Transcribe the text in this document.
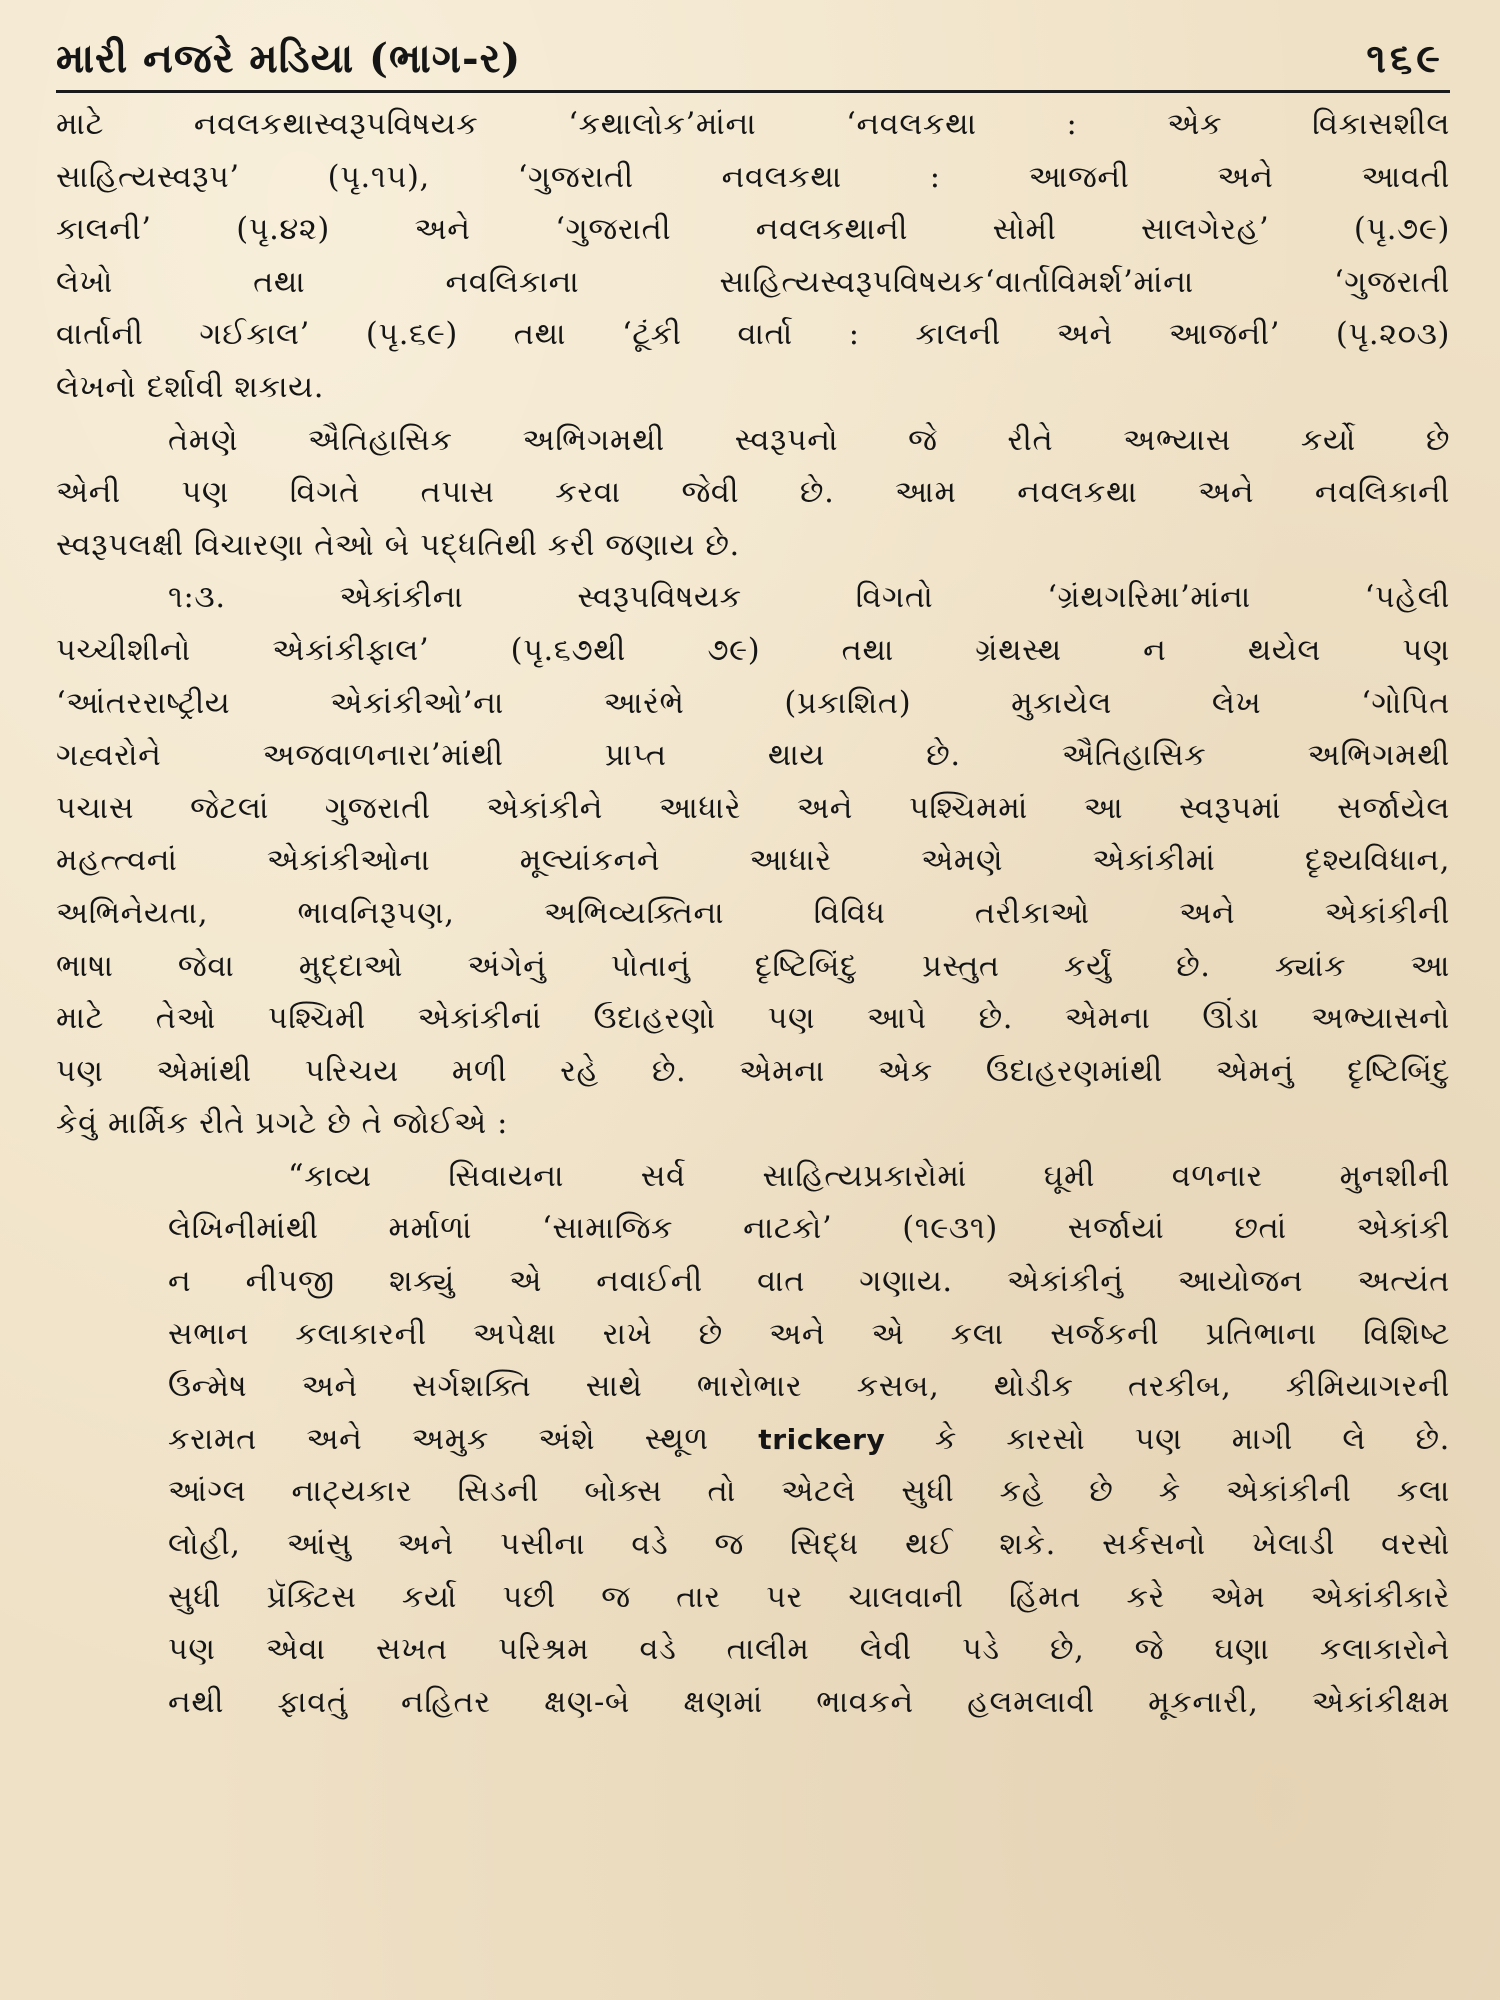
મારી નજરે મડિયા (ભાગ-ર)	૧૬૯
માટે નવલકથાસ્વરૂપવિષયક ‘કથાલોક’માંના ‘નવલકથા : એક વિકાસશીલ
સાહિત્યસ્વરૂપ’ (પૃ.૧૫), ‘ગુજરાતી નવલકથા : આજની અને આવતી
કાલની’ (પૃ.૪૨) અને ‘ગુજરાતી નવલકથાની સોમી સાલગેરહ’ (પૃ.૭૯)
લેખો તથા નવલિકાના સાહિત્યસ્વરૂપવિષયક‘વાર્તાવિમર્શ’માંના ‘ગુજરાતી
વાર્તાની ગઈકાલ’ (પૃ.૬૯) તથા ‘ટૂંકી વાર્તા : કાલની અને આજની’ (પૃ.૨૦૩)
લેખનો દર્શાવી શકાય.
તેમણે ઐતિહાસિક અભિગમથી સ્વરૂપનો જે રીતે અભ્યાસ કર્યો છે
એની પણ વિગતે તપાસ કરવા જેવી છે. આમ નવલકથા અને નવલિકાની
સ્વરૂપલક્ષી વિચારણા તેઓ બે પદ્ધતિથી કરી જણાય છે.
૧:૩. એકાંકીના સ્વરૂપવિષયક વિગતો ‘ગ્રંથગરિમા’માંના ‘પહેલી
પચ્ચીશીનો એકાંકીફાલ’ (પૃ.૬૭થી ૭૯) તથા ગ્રંથસ્થ ન થયેલ પણ
‘આંતરરાષ્ટ્રીય એકાંકીઓ’ના આરંભે (પ્રકાશિત) મુકાયેલ લેખ ‘ગોપિત
ગહ્વરોને અજવાળનારા’માંથી પ્રાપ્ત થાય છે. ઐતિહાસિક અભિગમથી
પચાસ જેટલાં ગુજરાતી એકાંકીને આધારે અને પશ્ચિમમાં આ સ્વરૂપમાં સર્જાયેલ
મહત્ત્વનાં એકાંકીઓના મૂલ્યાંકનને આધારે એમણે એકાંકીમાં દૃશ્યવિધાન,
અભિનેયતા, ભાવનિરૂપણ, અભિવ્યક્તિના વિવિધ તરીકાઓ અને એકાંકીની
ભાષા જેવા મુદ્દાઓ અંગેનું પોતાનું દૃષ્ટિબિંદુ પ્રસ્તુત કર્યું છે. ક્યાંક આ
માટે તેઓ પશ્ચિમી એકાંકીનાં ઉદાહરણો પણ આપે છે. એમના ઊંડા અભ્યાસનો
પણ એમાંથી પરિચય મળી રહે છે. એમના એક ઉદાહરણમાંથી એમનું દૃષ્ટિબિંદુ
કેવું માર્મિક રીતે પ્રગટે છે તે જોઈએ :
“કાવ્ય સિવાયના સર્વ સાહિત્યપ્રકારોમાં ઘૂમી વળનાર મુનશીની
લેખિનીમાંથી મર્માળાં ‘સામાજિક નાટકો’ (૧૯૩૧) સર્જાયાં છતાં એકાંકી
ન નીપજી શક્યું એ નવાઈની વાત ગણાય. એકાંકીનું આયોજન અત્યંત
સભાન કલાકારની અપેક્ષા રાખે છે અને એ કલા સર્જકની પ્રતિભાના વિશિષ્ટ
ઉન્મેષ અને સર્ગશક્તિ સાથે ભારોભાર કસબ, થોડીક તરકીબ, કીમિયાગરની
કરામત અને અમુક અંશે સ્થૂળ trickery કે કારસો પણ માગી લે છે.
આંગ્લ નાટ્યકાર સિડની બોક્સ તો એટલે સુધી કહે છે કે એકાંકીની કલા
લોહી, આંસુ અને પસીના વડે જ સિદ્ધ થઈ શકે. સર્કસનો ખેલાડી વરસો
સુધી પ્રૅક્ટિસ કર્યા પછી જ તાર પર ચાલવાની હિંમત કરે એમ એકાંકીકારે
પણ એવા સખત પરિશ્રમ વડે તાલીમ લેવી પડે છે, જે ઘણા કલાકારોને
નથી ફાવતું નહિતર ક્ષણ-બે ક્ષણમાં ભાવકને હલમલાવી મૂકનારી, એકાંકીક્ષમ
